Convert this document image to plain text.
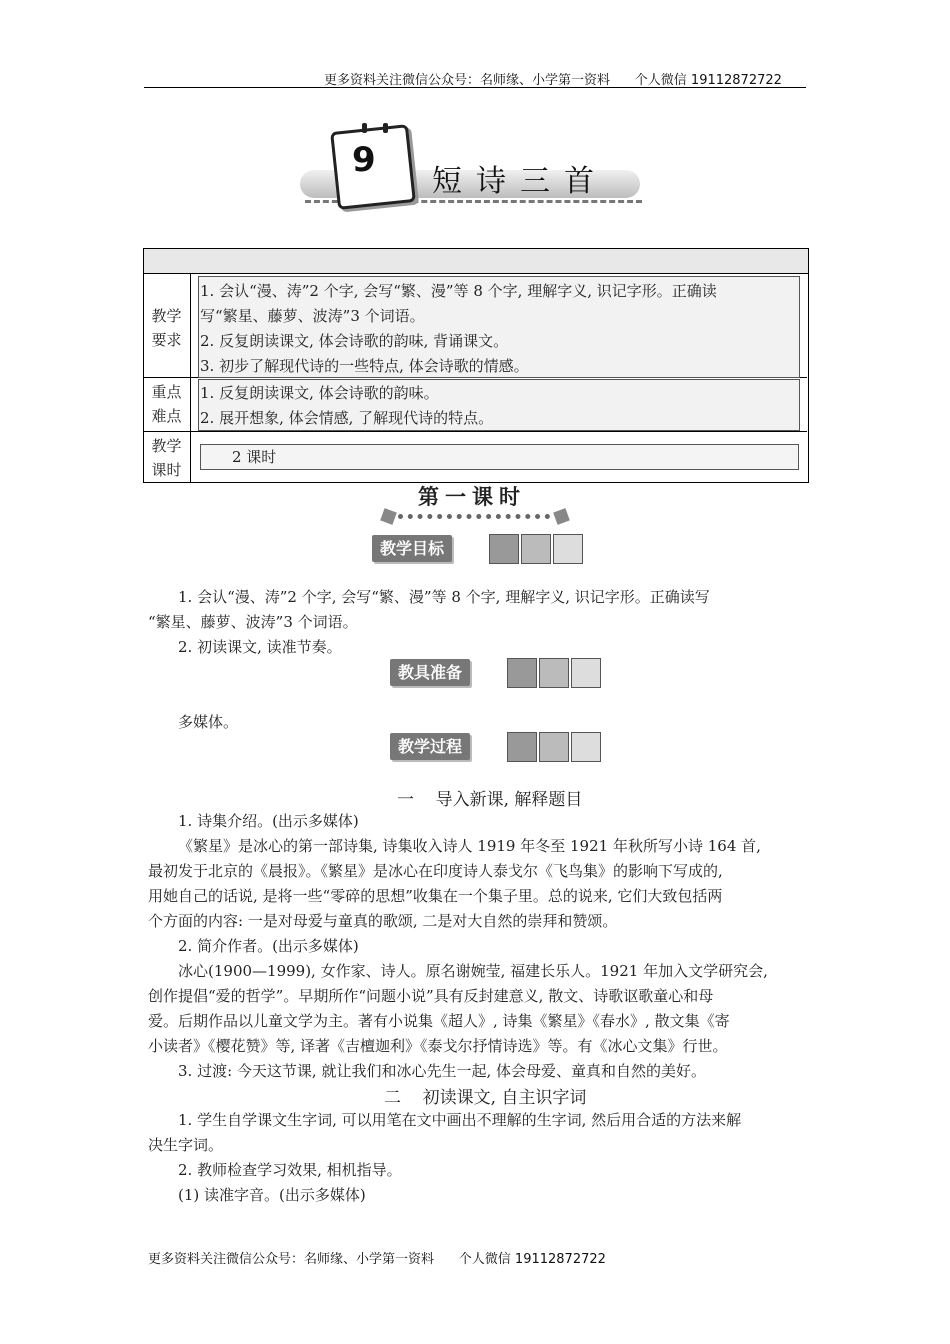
更多资料关注微信公众号：名师缘、小学第一资料      个人微信 19112872722
更多资料关注微信公众号：名师缘、小学第一资料      个人微信 19112872722
9
短诗三首
教学
要求
重点
难点
教学
课时
1. 会认“漫、涛”2 个字, 会写“繁、漫”等 8 个字, 理解字义, 识记字形。正确读
写“繁星、藤萝、波涛”3 个词语。
2. 反复朗读课文, 体会诗歌的韵味, 背诵课文。
3. 初步了解现代诗的一些特点, 体会诗歌的情感。
1. 反复朗读课文, 体会诗歌的韵味。
2. 展开想象, 体会情感, 了解现代诗的特点。
2 课时
第一课时
教学目标
1. 会认“漫、涛”2 个字, 会写“繁、漫”等 8 个字, 理解字义, 识记字形。正确读写
“繁星、藤萝、波涛”3 个词语。
2. 初读课文, 读准节奏。
教具准备
多媒体。
教学过程
一    导入新课, 解释题目
1. 诗集介绍。(出示多媒体)
《繁星》是冰心的第一部诗集, 诗集收入诗人 1919 年冬至 1921 年秋所写小诗 164 首,
最初发于北京的《晨报》。《繁星》是冰心在印度诗人泰戈尔《飞鸟集》的影响下写成的,
用她自己的话说, 是将一些“零碎的思想”收集在一个集子里。总的说来, 它们大致包括两
个方面的内容: 一是对母爱与童真的歌颂, 二是对大自然的崇拜和赞颂。
2. 简介作者。(出示多媒体)
冰心(1900—1999), 女作家、诗人。原名谢婉莹, 福建长乐人。1921 年加入文学研究会,
创作提倡“爱的哲学”。早期所作“问题小说”具有反封建意义, 散文、诗歌讴歌童心和母
爱。后期作品以儿童文学为主。著有小说集《超人》, 诗集《繁星》《春水》, 散文集《寄
小读者》《樱花赞》等, 译著《吉檀迦利》《泰戈尔抒情诗选》等。有《冰心文集》行世。
3. 过渡: 今天这节课, 就让我们和冰心先生一起, 体会母爱、童真和自然的美好。
二    初读课文, 自主识字词
1. 学生自学课文生字词, 可以用笔在文中画出不理解的生字词, 然后用合适的方法来解
决生字词。
2. 教师检查学习效果, 相机指导。
(1) 读准字音。(出示多媒体)
